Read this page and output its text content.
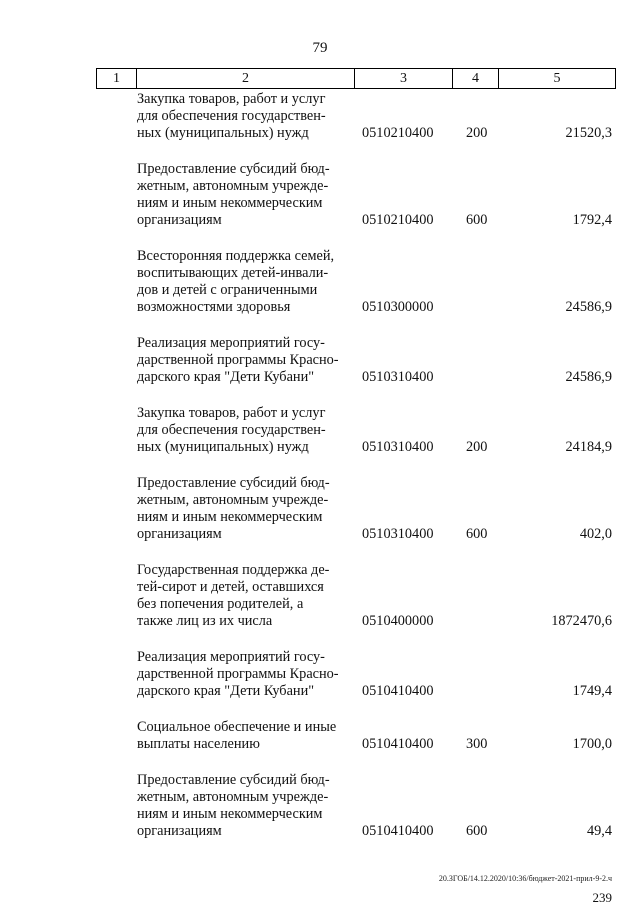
79
1	2	3	4	5
Закупка товаров, работ и услуг
для обеспечения государствен-
ных (муниципальных) нужд	0510210400 200	21520,3
Предоставление субсидий бюд-
жетным, автономным учрежде-
ниям и иным некоммерческим
организациям	0510210400 600	1792,4
Всесторонняя поддержка семей,
воспитывающих детей-инвали-
дов и детей с ограниченными
возможностями здоровья	0510300000	24586,9
Реализация мероприятий госу-
дарственной программы Красно-
дарского края "Дети Кубани"	0510310400	24586,9
Закупка товаров, работ и услуг
для обеспечения государствен-
ных (муниципальных) нужд	0510310400 200	24184,9
Предоставление субсидий бюд-
жетным, автономным учрежде-
ниям и иным некоммерческим
организациям	0510310400 600	402,0
Государственная поддержка де-
тей-сирот и детей, оставшихся
без попечения родителей, а
также лиц из их числа	0510400000	1872470,6
Реализация мероприятий госу-
дарственной программы Красно-
дарского края "Дети Кубани"	0510410400	1749,4
Социальное обеспечение и иные
выплаты населению	0510410400 300	1700,0
Предоставление субсидий бюд-
жетным, автономным учрежде-
ниям и иным некоммерческим
организациям	0510410400 600	49,4
20.ЗГОБ/14.12.2020/10:36/бюджет-2021-прил-9-2.ч
239
